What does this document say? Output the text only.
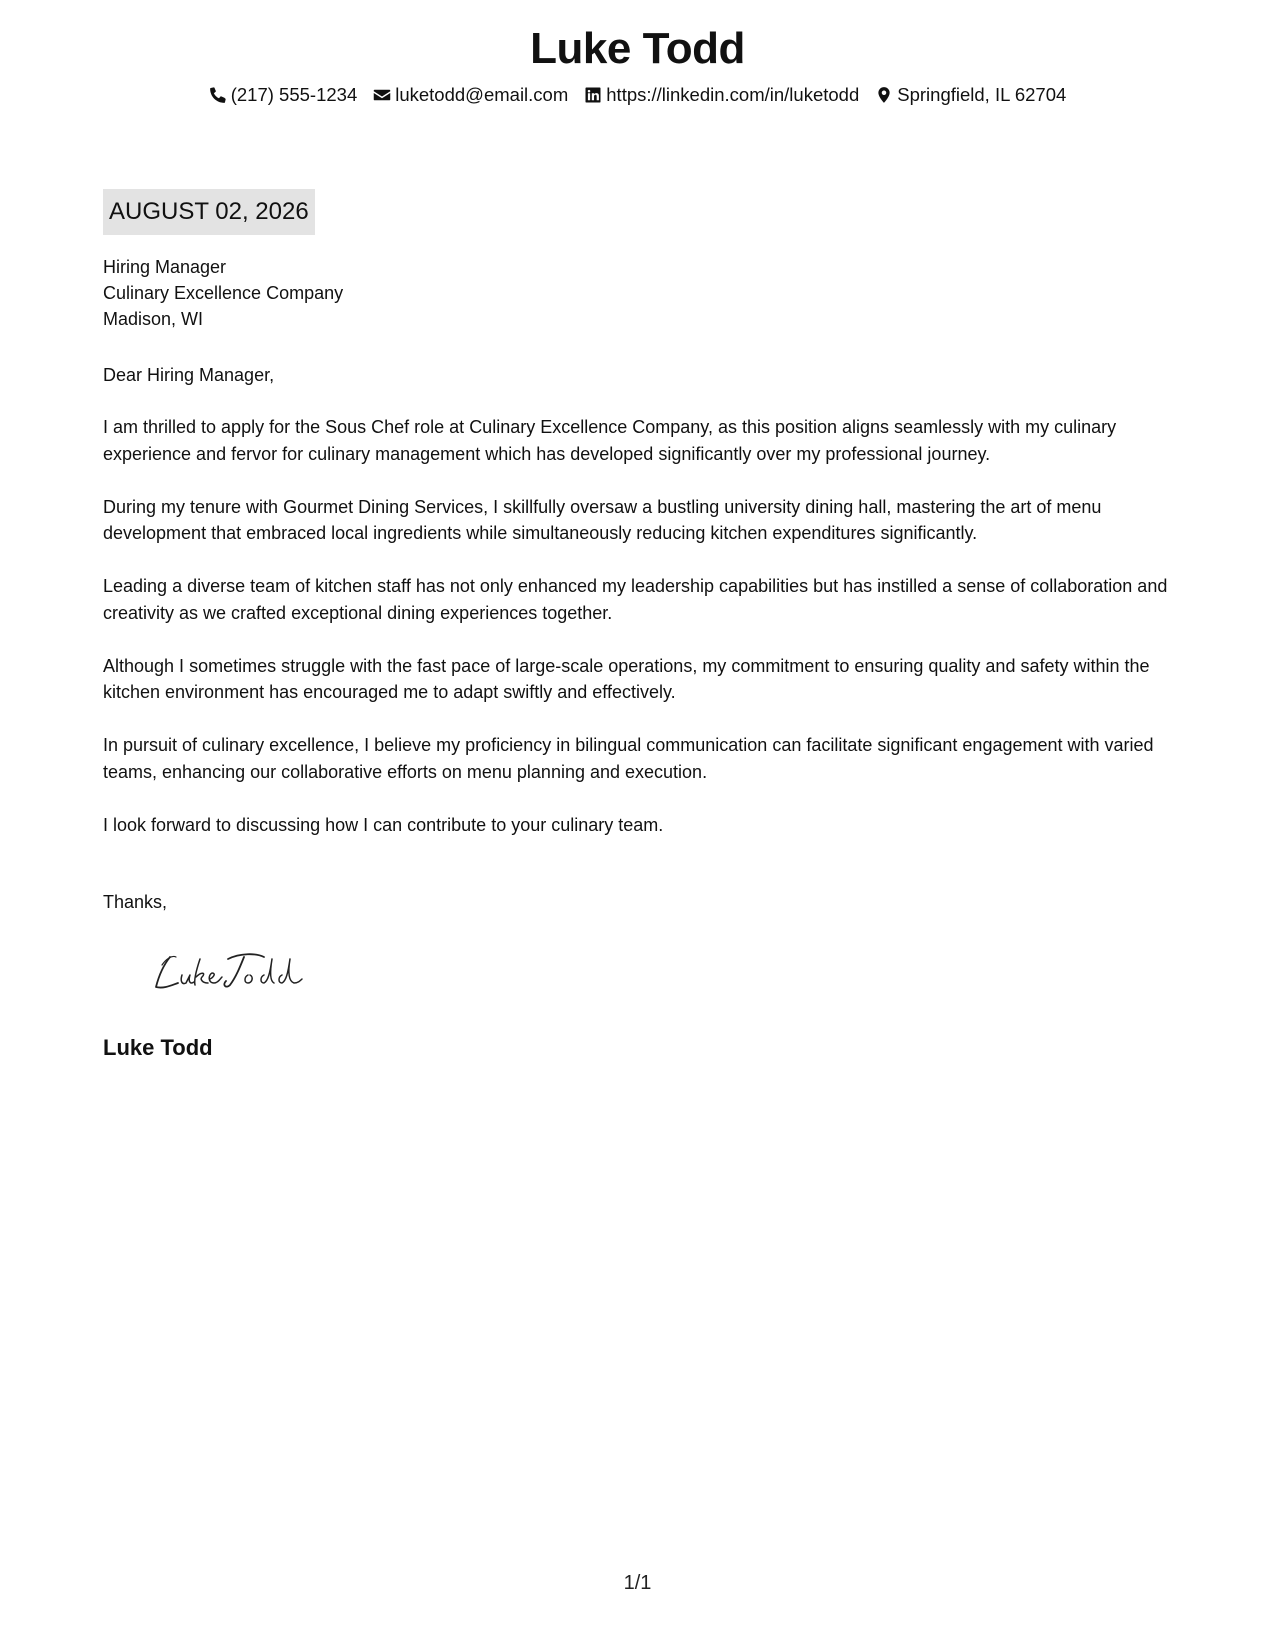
Luke Todd
(217) 555-1234 luketodd@email.com https://linkedin.com/in/luketodd Springfield, IL 62704
AUGUST 02, 2026
Hiring Manager
Culinary Excellence Company
Madison, WI
Dear Hiring Manager,

I am thrilled to apply for the Sous Chef role at Culinary Excellence Company, as this position aligns seamlessly with my culinary experience and fervor for culinary management which has developed significantly over my professional journey.

During my tenure with Gourmet Dining Services, I skillfully oversaw a bustling university dining hall, mastering the art of menu development that embraced local ingredients while simultaneously reducing kitchen expenditures significantly.

Leading a diverse team of kitchen staff has not only enhanced my leadership capabilities but has instilled a sense of collaboration and creativity as we crafted exceptional dining experiences together.

Although I sometimes struggle with the fast pace of large-scale operations, my commitment to ensuring quality and safety within the kitchen environment has encouraged me to adapt swiftly and effectively.

In pursuit of culinary excellence, I believe my proficiency in bilingual communication can facilitate significant engagement with varied teams, enhancing our collaborative efforts on menu planning and execution.

I look forward to discussing how I can contribute to your culinary team.

Thanks,
Luke Todd
1/1
